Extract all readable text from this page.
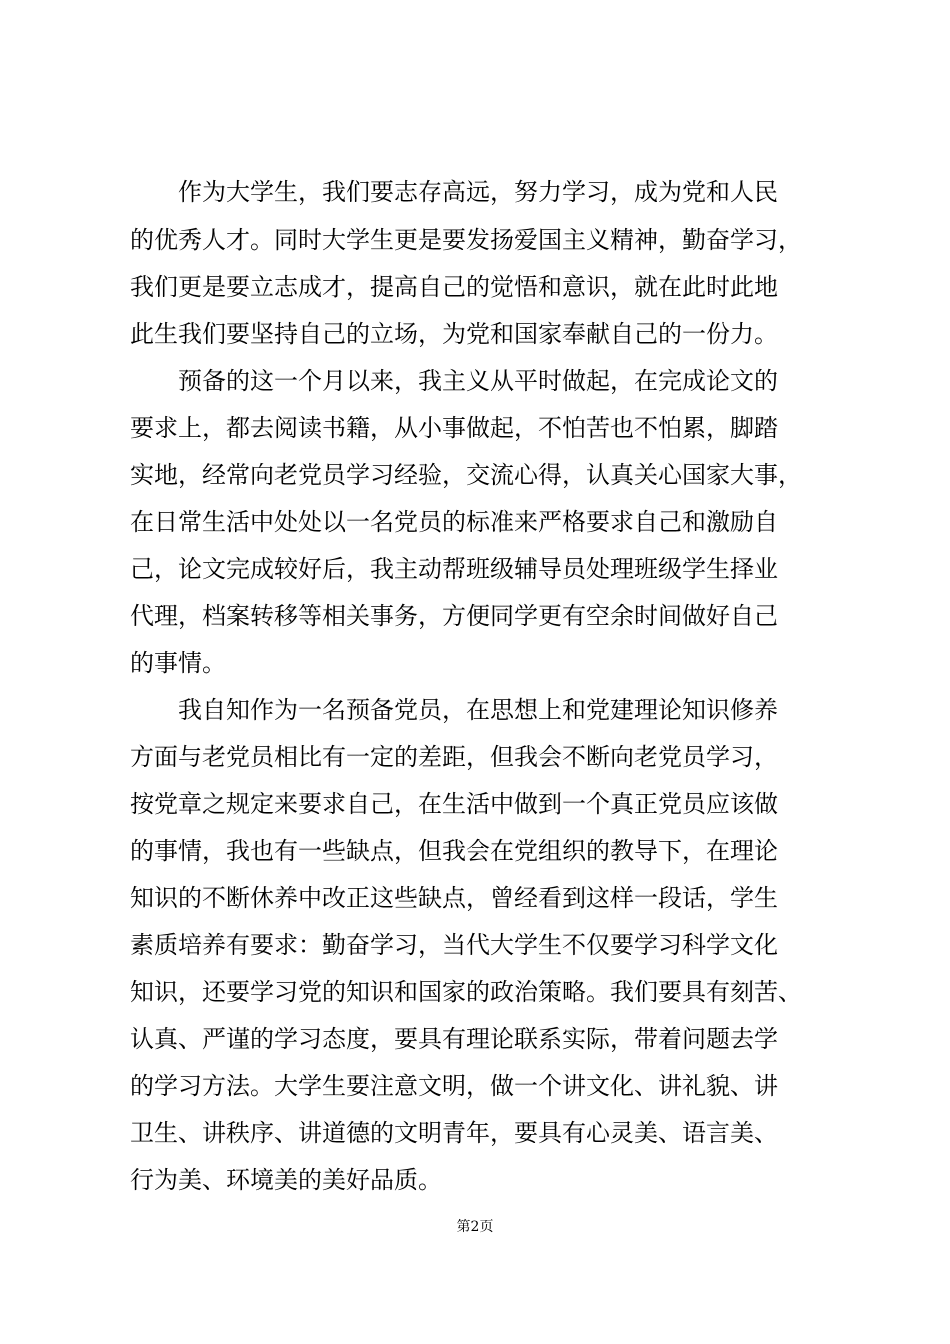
作为大学生，我们要志存高远，努力学习，成为党和人民
的优秀人才。同时大学生更是要发扬爱国主义精神，勤奋学习，
我们更是要立志成才，提高自己的觉悟和意识，就在此时此地
此生我们要坚持自己的立场，为党和国家奉献自己的一份力。
预备的这一个月以来，我主义从平时做起，在完成论文的
要求上，都去阅读书籍，从小事做起，不怕苦也不怕累，脚踏
实地，经常向老党员学习经验，交流心得，认真关心国家大事，
在日常生活中处处以一名党员的标准来严格要求自己和激励自
己，论文完成较好后，我主动帮班级辅导员处理班级学生择业
代理，档案转移等相关事务，方便同学更有空余时间做好自己
的事情。
我自知作为一名预备党员，在思想上和党建理论知识修养
方面与老党员相比有一定的差距，但我会不断向老党员学习，
按党章之规定来要求自己，在生活中做到一个真正党员应该做
的事情，我也有一些缺点，但我会在党组织的教导下，在理论
知识的不断休养中改正这些缺点，曾经看到这样一段话，学生
素质培养有要求：勤奋学习，当代大学生不仅要学习科学文化
知识，还要学习党的知识和国家的政治策略。我们要具有刻苦、
认真、严谨的学习态度，要具有理论联系实际，带着问题去学
的学习方法。大学生要注意文明，做一个讲文化、讲礼貌、讲
卫生、讲秩序、讲道德的文明青年，要具有心灵美、语言美、
行为美、环境美的美好品质。
第2页
